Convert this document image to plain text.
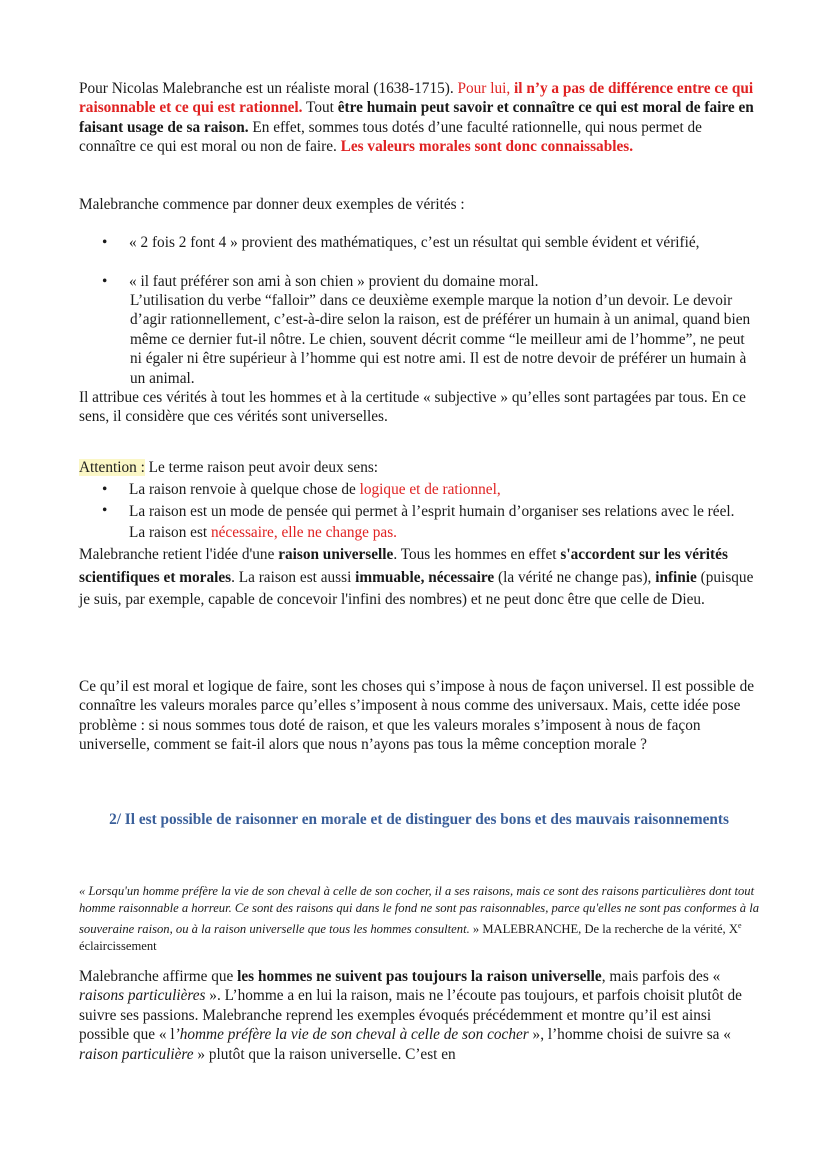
Pour Nicolas Malebranche est un réaliste moral (1638-1715). Pour lui, il n’y a pas de différence entre ce qui raisonnable et ce qui est rationnel. Tout être humain peut savoir et connaître ce qui est moral de faire en faisant usage de sa raison. En effet, sommes tous dotés d’une faculté rationnelle, qui nous permet de connaître ce qui est moral ou non de faire. Les valeurs morales sont donc connaissables.

Malebranche commence par donner deux exemples de vérités :

• « 2 fois 2 font 4 » provient des mathématiques, c’est un résultat qui semble évident et vérifié,
• « il faut préférer son ami à son chien » provient du domaine moral.
L’utilisation du verbe “falloir” dans ce deuxième exemple marque la notion d’un devoir. Le devoir d’agir rationnellement, c’est-à-dire selon la raison, est de préférer un humain à un animal, quand bien même ce dernier fut-il nôtre. Le chien, souvent décrit comme “le meilleur ami de l’homme”, ne peut ni égaler ni être supérieur à l’homme qui est notre ami. Il est de notre devoir de préférer un humain à un animal.

Il attribue ces vérités à tout les hommes et à la certitude « subjective » qu’elles sont partagées par tous. En ce sens, il considère que ces vérités sont universelles.

Attention : Le terme raison peut avoir deux sens:

• La raison renvoie à quelque chose de logique et de rationnel,
• La raison est un mode de pensée qui permet à l’esprit humain d’organiser ses relations avec le réel. La raison est nécessaire, elle ne change pas.

Malebranche retient l'idée d'une raison universelle. Tous les hommes en effet s'accordent sur les vérités scientifiques et morales. La raison est aussi immuable, nécessaire (la vérité ne change pas), infinie (puisque je suis, par exemple, capable de concevoir l'infini des nombres) et ne peut donc être que celle de Dieu.

Ce qu’il est moral et logique de faire, sont les choses qui s’impose à nous de façon universel. Il est possible de connaître les valeurs morales parce qu’elles s’imposent à nous comme des universaux. Mais, cette idée pose problème : si nous sommes tous doté de raison, et que les valeurs morales s’imposent à nous de façon universelle, comment se fait-il alors que nous n’ayons pas tous la même conception morale ?

2/ Il est possible de raisonner en morale et de distinguer des bons et des mauvais raisonnements

« Lorsqu'un homme préfère la vie de son cheval à celle de son cocher, il a ses raisons, mais ce sont des raisons particulières dont tout homme raisonnable a horreur. Ce sont des raisons qui dans le fond ne sont pas raisonnables, parce qu'elles ne sont pas conformes à la souveraine raison, ou à la raison universelle que tous les hommes consultent. » MALEBRANCHE, De la recherche de la vérité, Xe éclaircissement

Malebranche affirme que les hommes ne suivent pas toujours la raison universelle, mais parfois des « raisons particulières ». L’homme a en lui la raison, mais ne l’écoute pas toujours, et parfois choisit plutôt de suivre ses passions. Malebranche reprend les exemples évoqués précédemment et montre qu’il est ainsi possible que « l’homme préfère la vie de son cheval à celle de son cocher », l’homme choisi de suivre sa « raison particulière » plutôt que la raison universelle. C’est en
